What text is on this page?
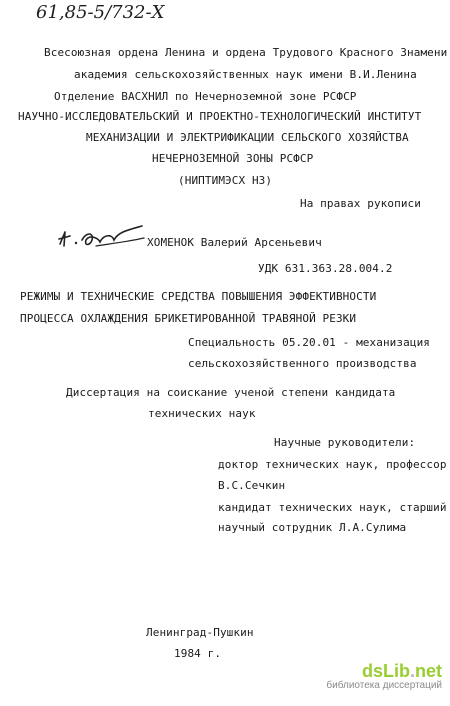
61,85-5/732-Х
Всесоюзная ордена Ленина и ордена Трудового Красного Знамени
академия сельскохозяйственных наук имени В.И.Ленина
Отделение ВАСХНИЛ по Нечерноземной зоне РСФСР
НАУЧНО-ИССЛЕДОВАТЕЛЬСКИЙ И ПРОЕКТНО-ТЕХНОЛОГИЧЕСКИЙ ИНСТИТУТ
МЕХАНИЗАЦИИ И ЭЛЕКТРИФИКАЦИИ СЕЛЬСКОГО ХОЗЯЙСТВА
НЕЧЕРНОЗЕМНОЙ ЗОНЫ РСФСР
(НИПТИМЭСХ НЗ)
На правах рукописи
ХОМЕНОК Валерий Арсеньевич
УДК 631.363.28.004.2
РЕЖИМЫ И ТЕХНИЧЕСКИЕ СРЕДСТВА ПОВЫШЕНИЯ ЭФФЕКТИВНОСТИ
ПРОЦЕССА ОХЛАЖДЕНИЯ БРИКЕТИРОВАННОЙ ТРАВЯНОЙ РЕЗКИ
Специальность 05.20.01 - механизация
сельскохозяйственного производства
Диссертация на соискание ученой степени кандидата
технических наук
Научные руководители:
доктор технических наук, профессор
В.С.Сечкин
кандидат технических наук, старший
научный сотрудник Л.А.Сулима
Ленинград-Пушкин
1984 г.
dsLib.net
библиотека диссертаций
